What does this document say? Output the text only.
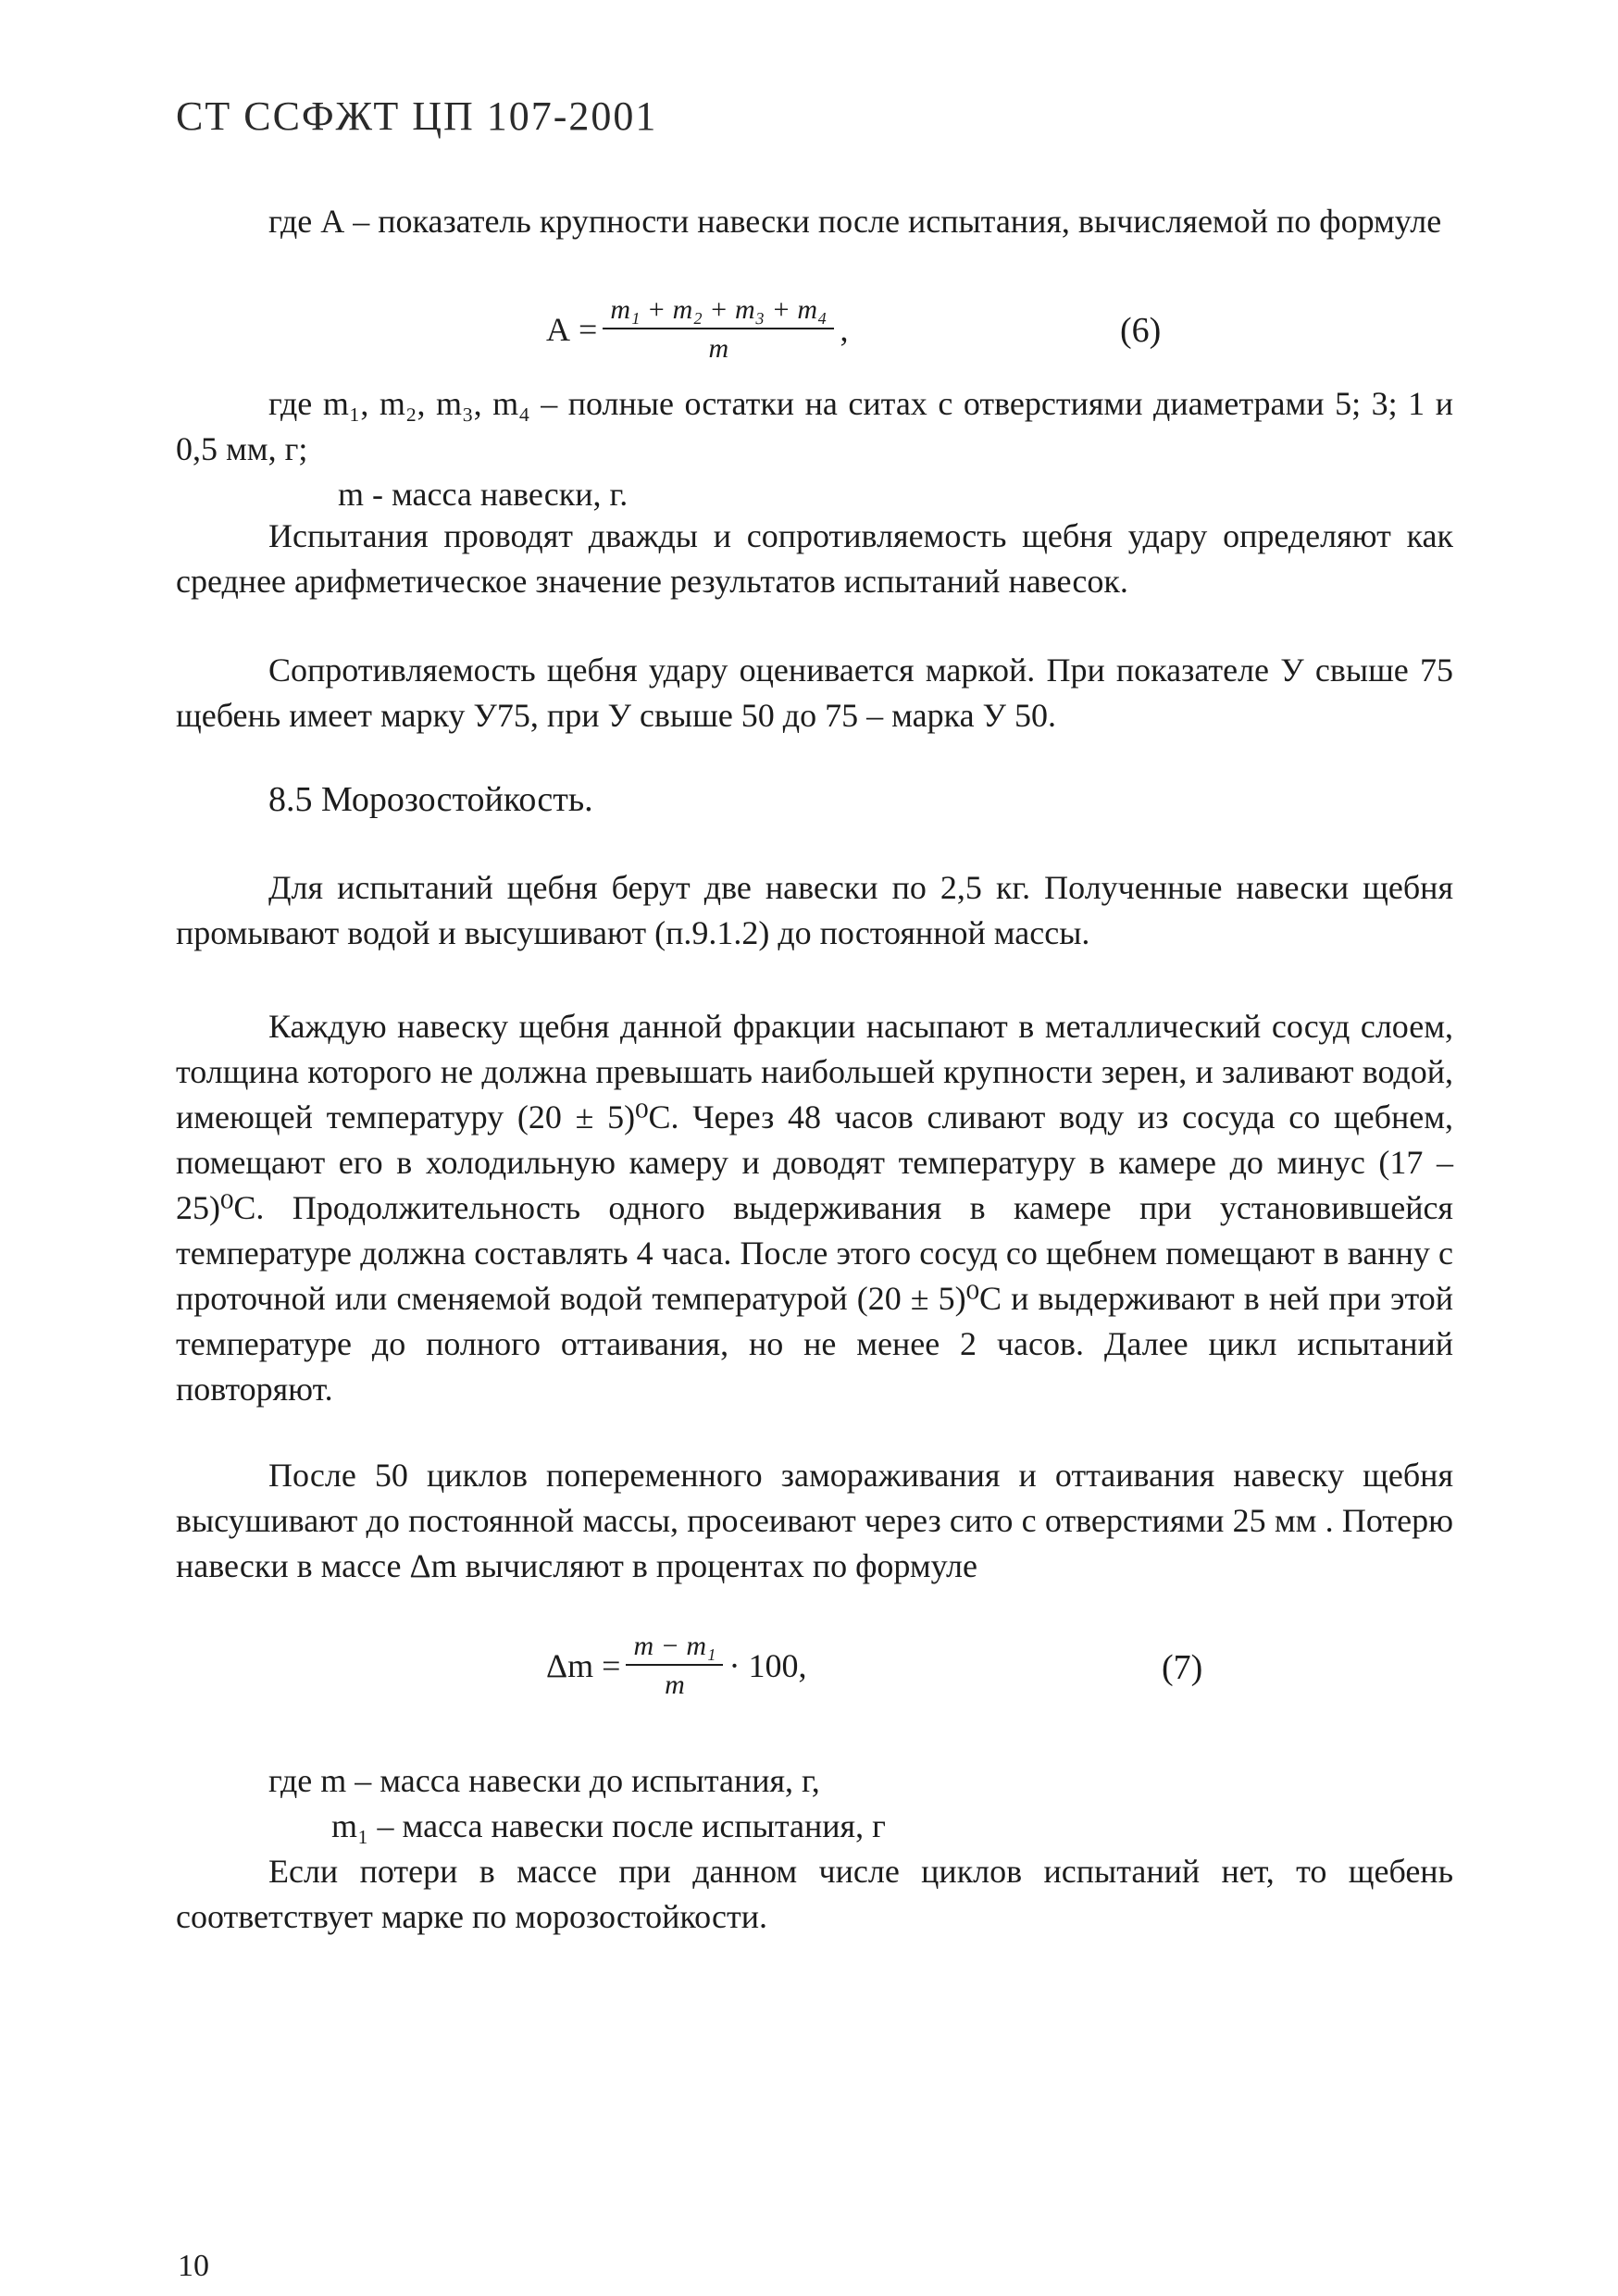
СТ ССФЖТ ЦП 107-2001
где А – показатель крупности навески после испытания, вычисляемой по формуле
$А = \frac{\text{m₁ + m₂ + m₃ + m₄}}{m}$ ,	(6)
где m₁, m₂, m₃, m₄ – полные остатки на ситах с отверстиями диаметрами 5; 3; 1 и 0,5 мм, г;
m - масса навески, г.
Испытания проводят дважды и сопротивляемость щебня удару определяют как среднее арифметическое значение результатов испытаний навесок.
Сопротивляемость щебня удару оценивается маркой. При показателе У свыше 75 щебень имеет марку У75, при У свыше 50 до 75 – марка У 50.
8.5 Морозостойкость.
Для испытаний щебня берут две навески по 2,5 кг. Полученные навески щебня промывают водой и высушивают (п.9.1.2) до постоянной массы.
Каждую навеску щебня данной фракции насыпают в металлический сосуд слоем, толщина которого не должна превышать наибольшей крупности зерен, и заливают водой, имеющей температуру (20 ± 5)⁰С. Через 48 часов сливают воду из сосуда со щебнем, помещают его в холодильную камеру и доводят температуру в камере до минус (17 – 25)⁰С. Продолжительность одного выдерживания в камере при установившейся температуре должна составлять 4 часа. После этого сосуд со щебнем помещают в ванну с проточной или сменяемой водой температурой (20 ± 5)⁰С и выдерживают в ней при этой температуре до полного оттаивания, но не менее 2 часов. Далее цикл испытаний повторяют.
После 50 циклов попеременного замораживания и оттаивания навеску щебня высушивают до постоянной массы, просеивают через сито с отверстиями 25 мм . Потерю навески в массе Δm вычисляют в процентах по формуле
$\Delta m = \frac{\text{m − m₁}}{m} \cdot 100$,	(7)
где m – масса навески до испытания, г,
m₁ – масса навески после испытания, г
Если потери в массе при данном числе циклов испытаний нет, то щебень соответствует марке по морозостойкости.
10
